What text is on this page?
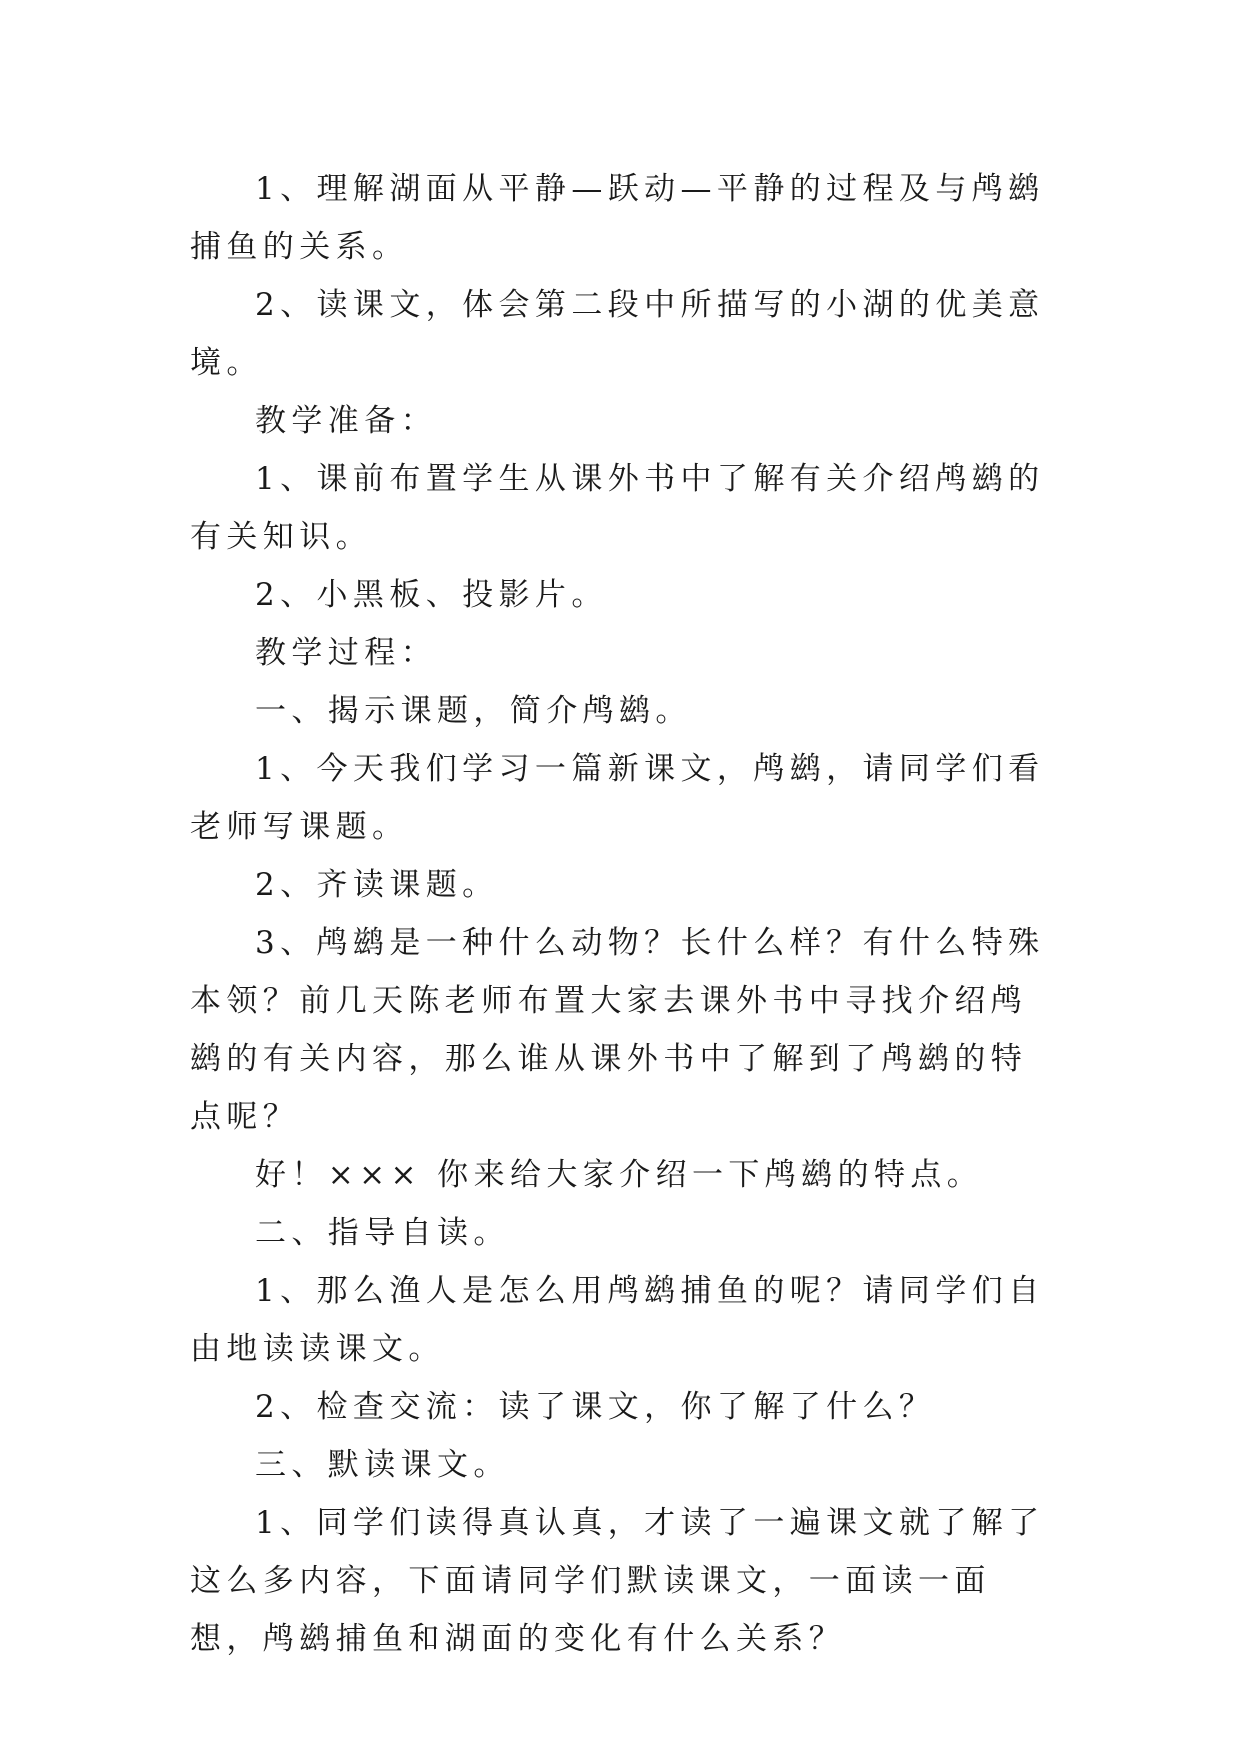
1、理解湖面从平静—跃动—平静的过程及与鸬鹚捕鱼的关系。

2、读课文，体会第二段中所描写的小湖的优美意境。

教学准备：

1、课前布置学生从课外书中了解有关介绍鸬鹚的有关知识。

2、小黑板、投影片。

教学过程：

一、揭示课题，简介鸬鹚。

1、今天我们学习一篇新课文，鸬鹚，请同学们看老师写课题。

2、齐读课题。

3、鸬鹚是一种什么动物？长什么样？有什么特殊本领？前几天陈老师布置大家去课外书中寻找介绍鸬鹚的有关内容，那么谁从课外书中了解到了鸬鹚的特点呢？

好！××× 你来给大家介绍一下鸬鹚的特点。

二、指导自读。

1、那么渔人是怎么用鸬鹚捕鱼的呢？请同学们自由地读读课文。

2、检查交流：读了课文，你了解了什么？

三、默读课文。

1、同学们读得真认真，才读了一遍课文就了解了这么多内容，下面请同学们默读课文，一面读一面想，鸬鹚捕鱼和湖面的变化有什么关系？
